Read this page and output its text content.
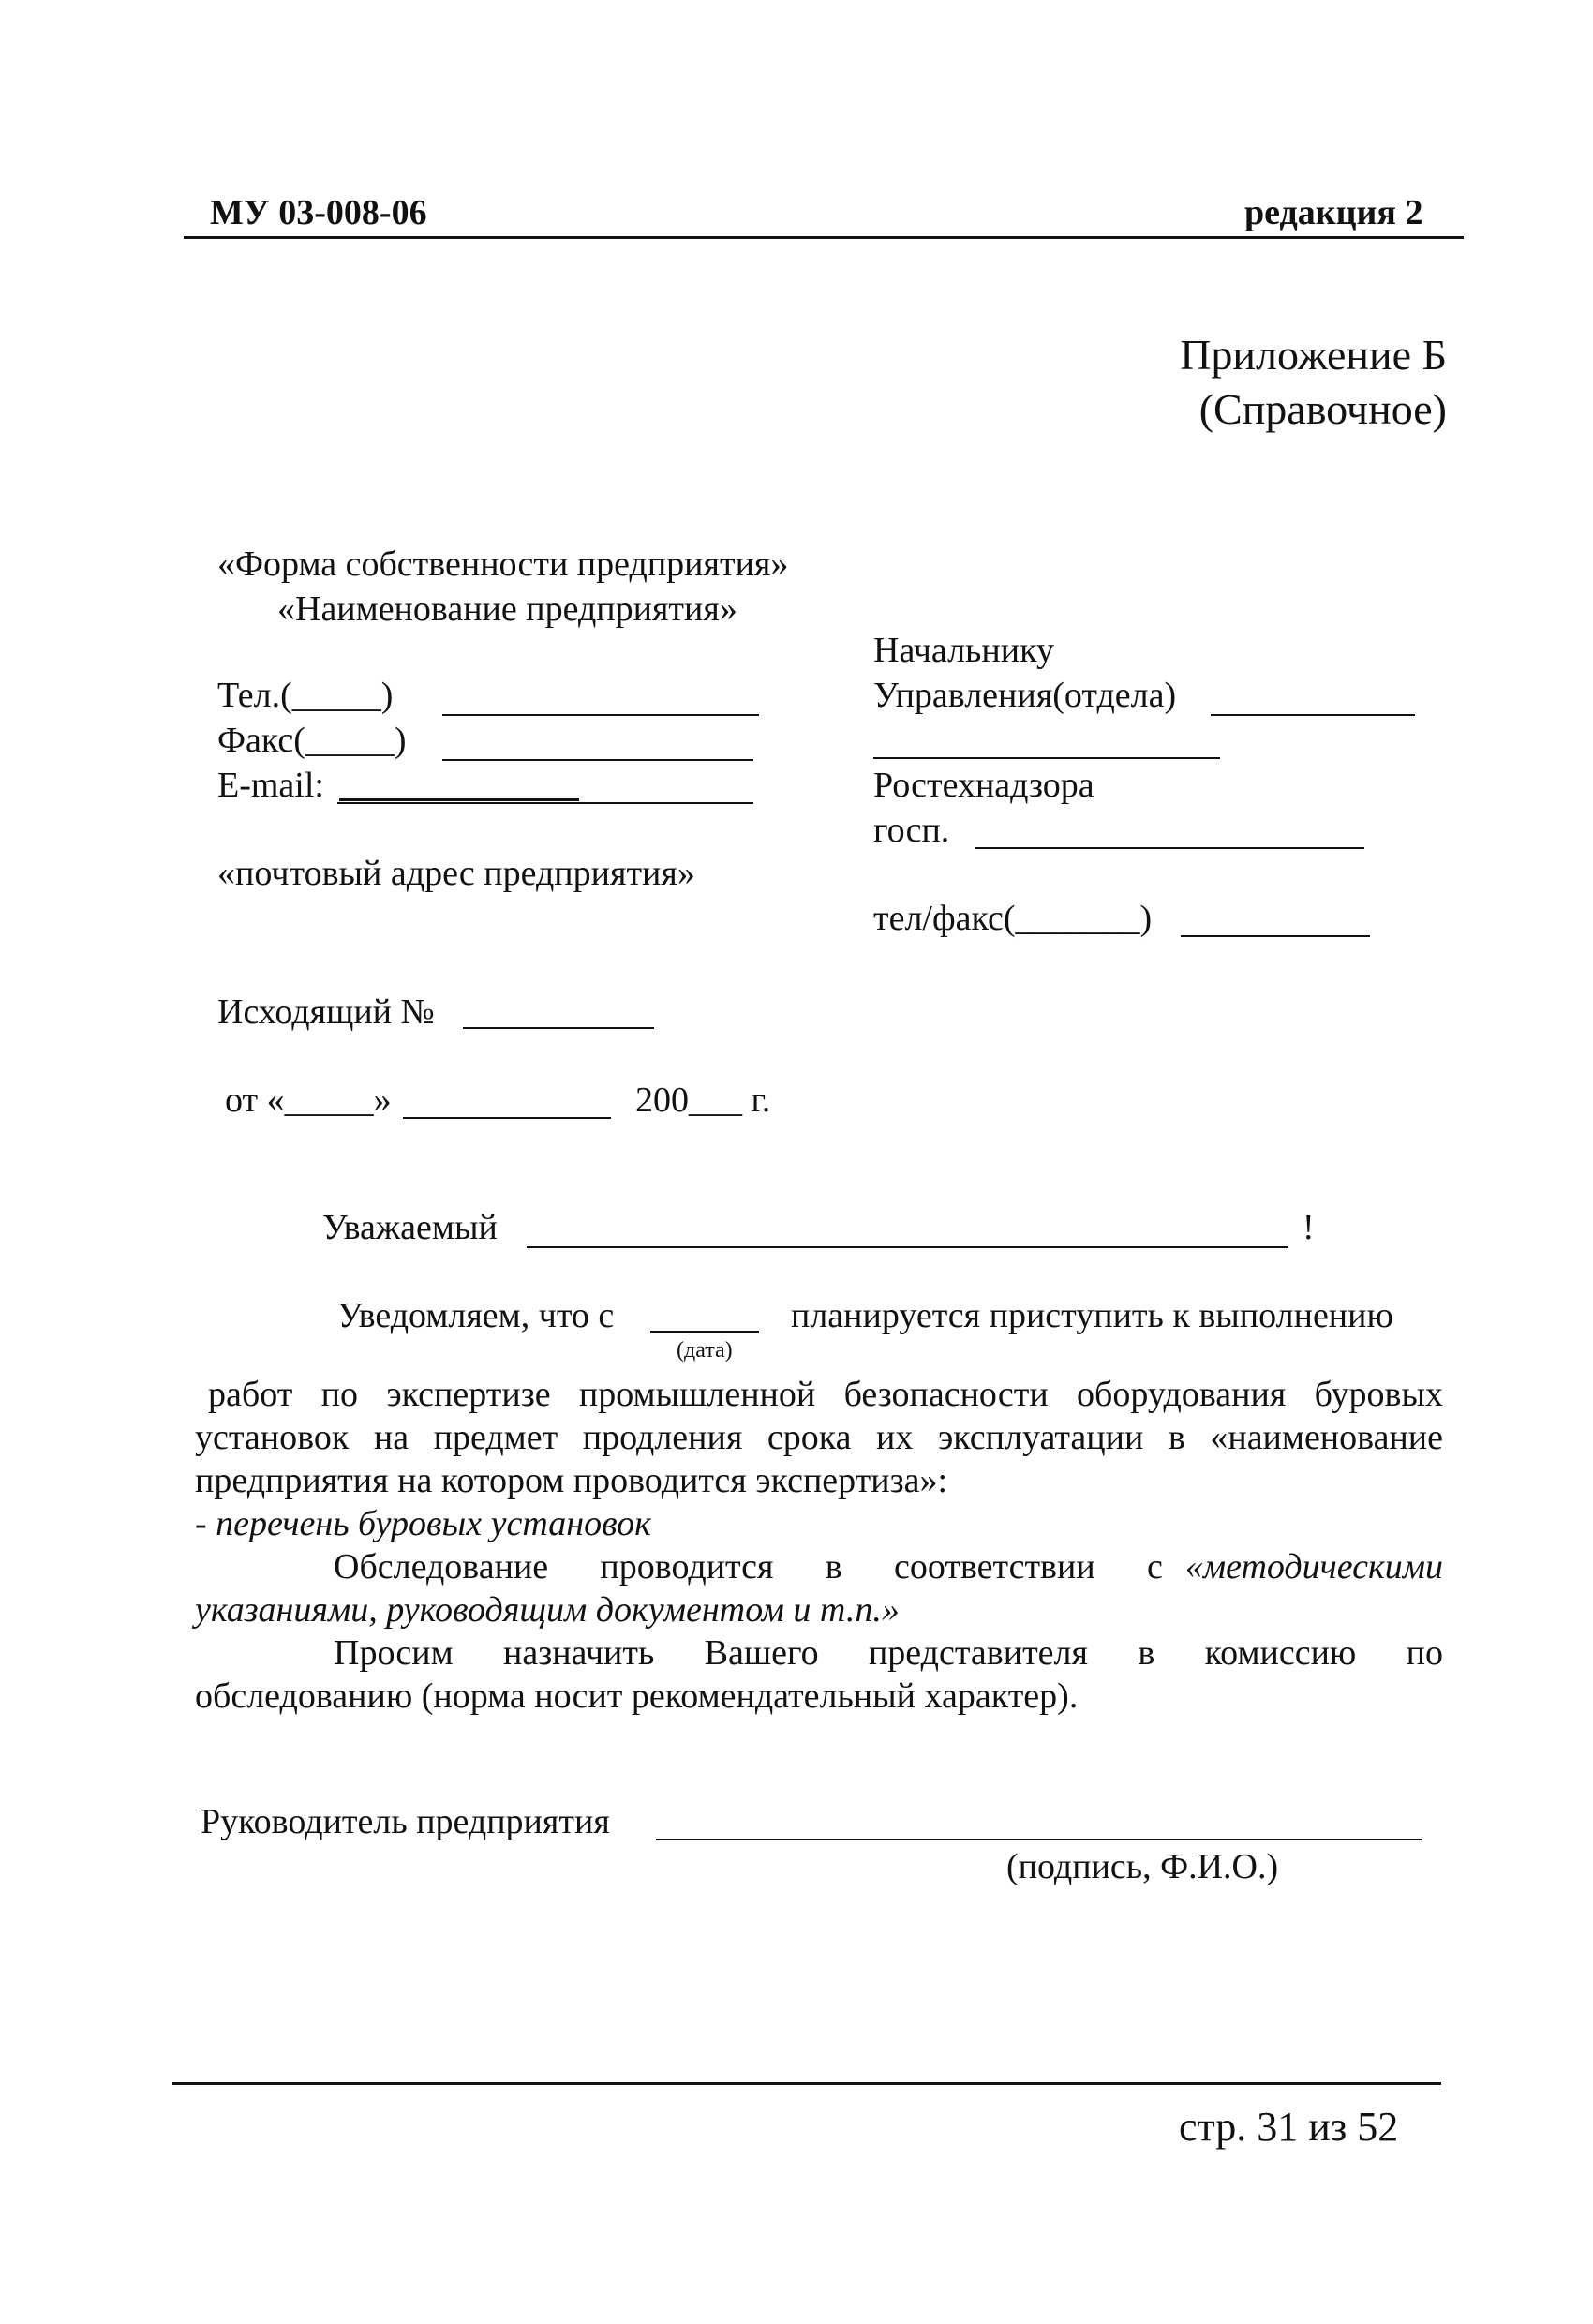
МУ 03-008-06	редакция 2
Приложение Б
(Справочное)
«Форма собственности предприятия»
«Наименование предприятия»
Тел.(_____)
Факс(_____)
E-mail:
«почтовый адрес предприятия»
Начальнику
Управления(отдела)
Ростехнадзора
госп.
тел/факс(_______)
Исходящий №
от «_____»	200___ г.
Уважаемый	!
Уведомляем, что с
(дата)
планируется приступить к выполнению
работ по экспертизе промышленной безопасности оборудования буровых
установок на предмет продления срока их эксплуатации в «наименование
предприятия на котором проводится экспертиза»:
- перечень буровых установок
Обследование проводится в соответствии с «методическими
указаниями, руководящим документом и т.п.»
Просим назначить Вашего представителя в комиссию по
обследованию (норма носит рекомендательный характер).
Руководитель предприятия
(подпись, Ф.И.О.)
стр. 31 из 52
